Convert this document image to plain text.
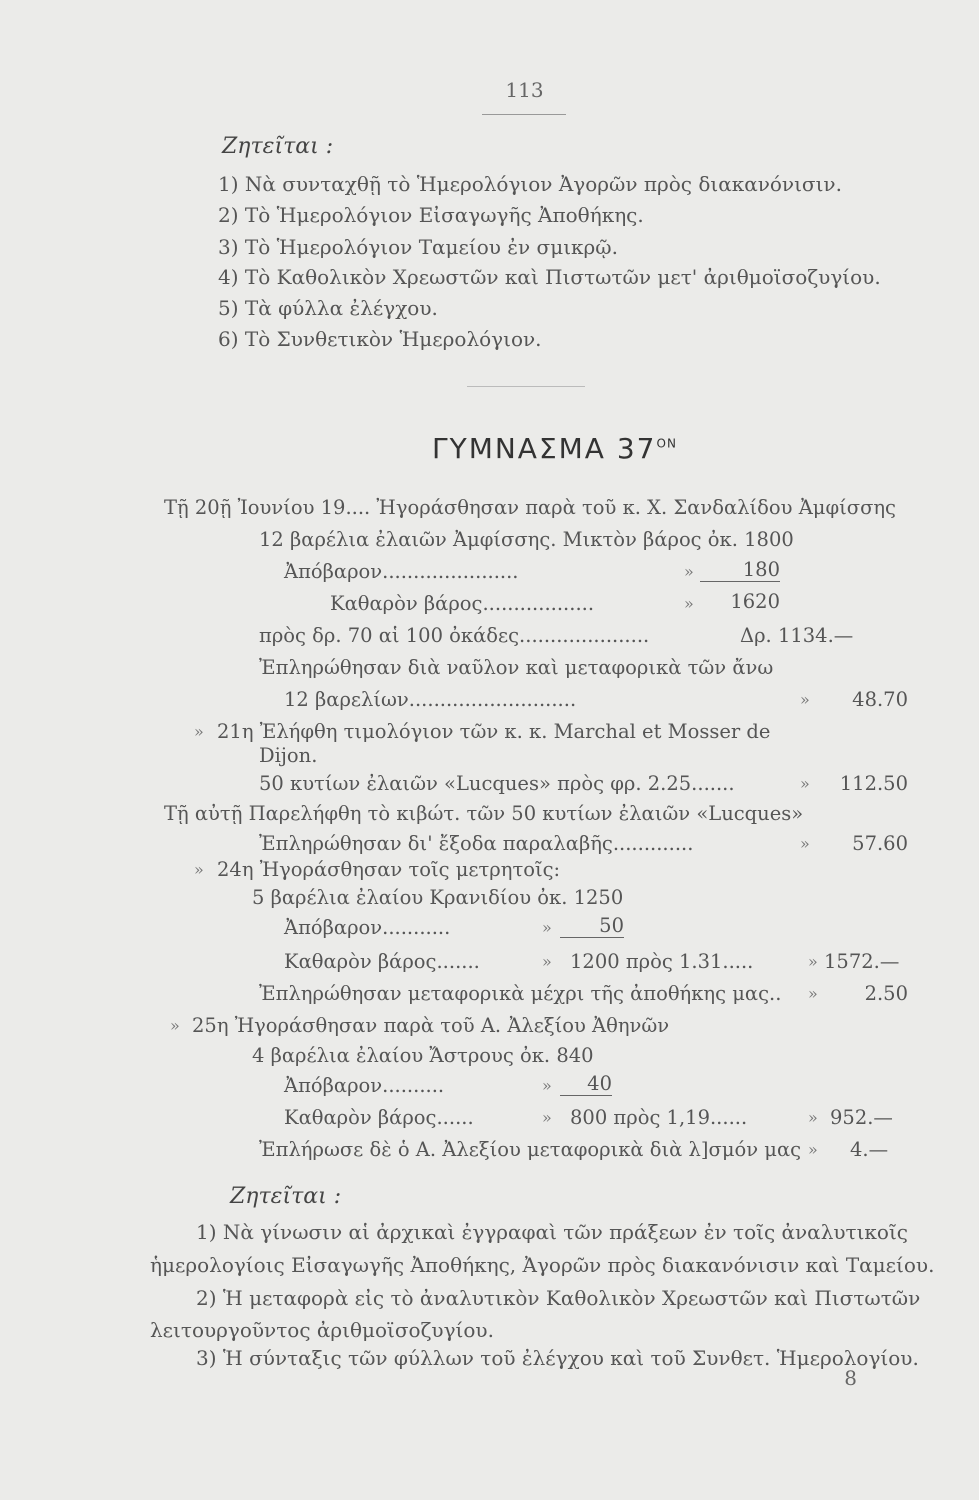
113
Ζητεῖται :
1) Νὰ συνταχθῇ τὸ Ἡμερολόγιον Ἀγορῶν πρὸς διακανόνισιν.
2) Τὸ Ἡμερολόγιον Εἰσαγωγῆς Ἀποθήκης.
3) Τὸ Ἡμερολόγιον Ταμείου ἐν σμικρῷ.
4) Τὸ Καθολικὸν Χρεωστῶν καὶ Πιστωτῶν μετ' ἀριθμοϊσοζυγίου.
5) Τὰ φύλλα ἐλέγχου.
6) Τὸ Συνθετικὸν Ἡμερολόγιον.
ΓΥΜΝΑΣΜΑ $37^{ON}$
Τῇ 20ῇ Ἰουνίου 19.... Ἠγοράσθησαν παρὰ τοῦ κ. Χ. Σανδαλίδου Ἀμφίσσης
12 βαρέλια ἐλαιῶν Ἀμφίσσης. Μικτὸν βάρος ὀκ. 1800
Ἀπόβαρον......................	»	180
Καθαρὸν βάρος..................	»	1620
πρὸς δρ. 70 αἱ 100 ὀκάδες.....................	Δρ. 1134.—
Ἐπληρώθησαν διὰ ναῦλον καὶ μεταφορικὰ τῶν ἄνω
12 βαρελίων...........................	»	48.70
» 21η Ἐλήφθη τιμολόγιον τῶν κ. κ. Marchal et Mosser de
Dijon.
50 κυτίων ἐλαιῶν «Lucques» πρὸς φρ. 2.25.......	»	112.50
Τῇ αὐτῇ Παρελήφθη τὸ κιβώτ. τῶν 50 κυτίων ἐλαιῶν «Lucques»
Ἐπληρώθησαν δι' ἔξοδα παραλαβῆς.............	»	57.60
» 24η Ἠγοράσθησαν τοῖς μετρητοῖς:
5 βαρέλια ἐλαίου Κρανιδίου ὀκ. 1250
Ἀπόβαρον...........	»	50
Καθαρὸν βάρος.......	» 1200 πρὸς 1.31.....	» 1572.—
Ἐπληρώθησαν μεταφορικὰ μέχρι τῆς ἀποθήκης μας.. »	2.50
» 25η Ἠγοράσθησαν παρὰ τοῦ Α. Ἀλεξίου Ἀθηνῶν
4 βαρέλια ἐλαίου Ἄστρους ὀκ. 840
Ἀπόβαρον..........	»	40
Καθαρὸν βάρος......	» 800 πρὸς 1,19......	» 952.—
Ἐπλήρωσε δὲ ὁ Α. Ἀλεξίου μεταφορικὰ διὰ λ]σμόν μας » 4.—
Ζητεῖται :
1) Νὰ γίνωσιν αἱ ἀρχικαὶ ἐγγραφαὶ τῶν πράξεων ἐν τοῖς ἀναλυτικοῖς
ἡμερολογίοις Εἰσαγωγῆς Ἀποθήκης, Ἀγορῶν πρὸς διακανόνισιν καὶ Ταμείου.
2) Ἡ μεταφορὰ εἰς τὸ ἀναλυτικὸν Καθολικὸν Χρεωστῶν καὶ Πιστωτῶν
λειτουργοῦντος ἀριθμοϊσοζυγίου.
3) Ἡ σύνταξις τῶν φύλλων τοῦ ἐλέγχου καὶ τοῦ Συνθετ. Ἡμερολογίου.
8
